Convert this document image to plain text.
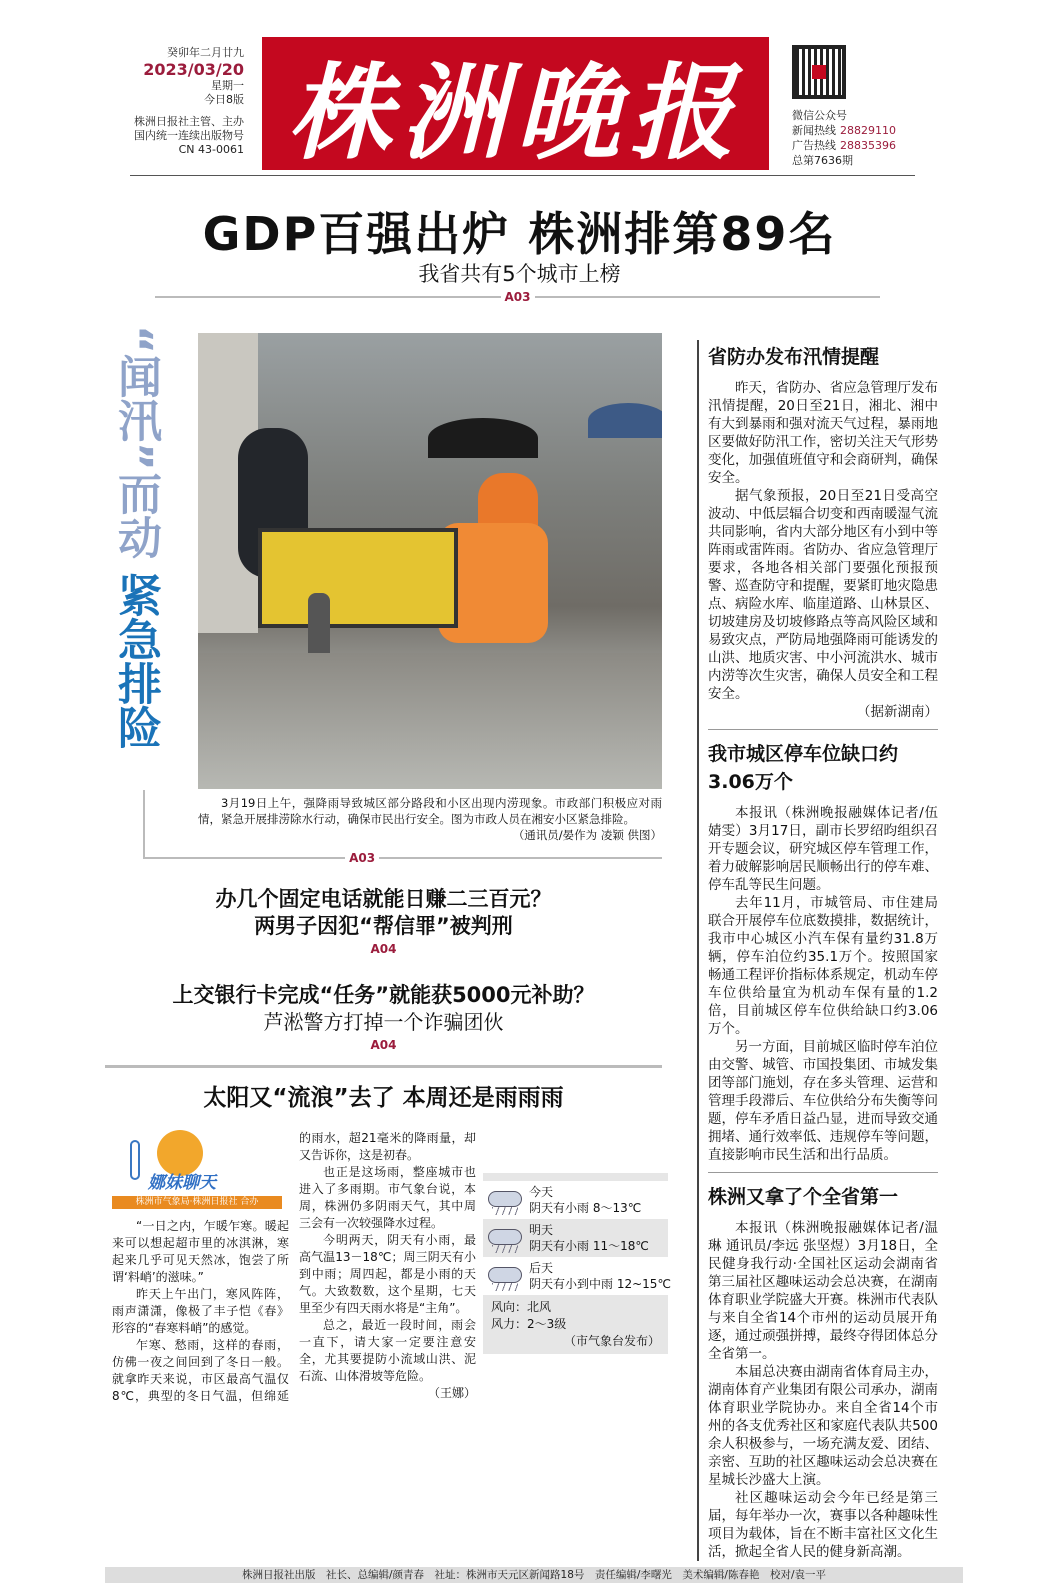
癸卯年二月廿九
2023/03/20
星期一
今日8版
株洲日报社主管、主办
国内统一连续出版物号
CN 43-0061 株洲晚报	微信公众号
新闻热线 28829110
广告热线 28835396
总第7636期
GDP百强出炉 株洲排第89名
我省共有5个城市上榜
A03
“闻汛”而动
紧急排险
3月19日上午，强降雨导致城区部分路段和小区出现内涝现象。市政部门积极应对雨情，紧急开展排涝除水行动，确保市民出行安全。图为市政人员在湘安小区紧急排险。
（通讯员/晏作为 凌颖 供图）
A03
办几个固定电话就能日赚二三百元？
两男子因犯“帮信罪”被判刑
A04
上交银行卡完成“任务”就能获5000元补助？
芦淞警方打掉一个诈骗团伙
A04
太阳又“流浪”去了 本周还是雨雨雨
娜妹聊天
株洲市气象局·株洲日报社 合办

“一日之内，乍暖乍寒。暖起来可以想起超市里的冰淇淋，寒起来几乎可见天然冰，饱尝了所谓‘料峭’的滋味。”

昨天上午出门，寒风阵阵，雨声潇潇，像极了丰子恺《春》形容的“春寒料峭”的感觉。

乍寒、愁雨，这样的春雨，仿佛一夜之间回到了冬日一般。就拿昨天来说，市区最高气温仅8℃，典型的冬日气温，但绵延的雨水，超21毫米的降雨量，却又告诉你，这是初春。

也正是这场雨，整座城市也进入了多雨期。市气象台说，本周，株洲仍多阴雨天气，其中周三会有一次较强降水过程。

今明两天，阴天有小雨，最高气温13－18℃；周三阴天有小到中雨；周四起，都是小雨的天气。大致数数，这个星期，七天里至少有四天雨水将是“主角”。

总之，最近一段时间，雨会一直下，请大家一定要注意安全，尤其要提防小流域山洪、泥石流、山体滑坡等危险。

（王娜）

今天
阴天有小雨 8～13℃
明天
阴天有小雨 11～18℃
后天
阴天有小到中雨 12~15℃
风向：北风
风力：2～3级
（市气象台发布）
省防办发布汛情提醒

昨天，省防办、省应急管理厅发布汛情提醒，20日至21日，湘北、湘中有大到暴雨和强对流天气过程，暴雨地区要做好防汛工作，密切关注天气形势变化，加强值班值守和会商研判，确保安全。

据气象预报，20日至21日受高空波动、中低层辐合切变和西南暖湿气流共同影响，省内大部分地区有小到中等阵雨或雷阵雨。省防办、省应急管理厅要求，各地各相关部门要强化预报预警、巡查防守和提醒，要紧盯地灾隐患点、病险水库、临崖道路、山林景区、切坡建房及切坡修路点等高风险区域和易致灾点，严防局地强降雨可能诱发的山洪、地质灾害、中小河流洪水、城市内涝等次生灾害，确保人员安全和工程安全。

（据新湖南）

我市城区停车位缺口约3.06万个

本报讯（株洲晚报融媒体记者/伍婧雯）3月17日，副市长罗绍昀组织召开专题会议，研究城区停车管理工作，着力破解影响居民顺畅出行的停车难、停车乱等民生问题。

去年11月，市城管局、市住建局联合开展停车位底数摸排，数据统计，我市中心城区小汽车保有量约31.8万辆，停车泊位约35.1万个。按照国家畅通工程评价指标体系规定，机动车停车位供给量宜为机动车保有量的1.2倍，目前城区停车位供给缺口约3.06万个。

另一方面，目前城区临时停车泊位由交警、城管、市国投集团、市城发集团等部门施划，存在多头管理、运营和管理手段滞后、车位供给分布失衡等问题，停车矛盾日益凸显，进而导致交通拥堵、通行效率低、违规停车等问题，直接影响市民生活和出行品质。

株洲又拿了个全省第一

本报讯（株洲晚报融媒体记者/温琳 通讯员/李远 张坚煜）3月18日，全民健身我行动·全国社区运动会湖南省第三届社区趣味运动会总决赛，在湖南体育职业学院盛大开赛。株洲市代表队与来自全省14个市州的运动员展开角逐，通过顽强拼搏，最终夺得团体总分全省第一。

本届总决赛由湖南省体育局主办，湖南体育产业集团有限公司承办，湖南体育职业学院协办。来自全省14个市州的各支优秀社区和家庭代表队共500余人积极参与，一场充满友爱、团结、亲密、互助的社区趣味运动会总决赛在星城长沙盛大上演。

社区趣味运动会今年已经是第三届，每年举办一次，赛事以各种趣味性项目为载体，旨在不断丰富社区文化生活，掀起全省人民的健身新高潮。

株洲日报社出版　社长、总编辑/颜青春　社址：株洲市天元区新闻路18号　责任编辑/李曙光　美术编辑/陈春艳　校对/袁一平
